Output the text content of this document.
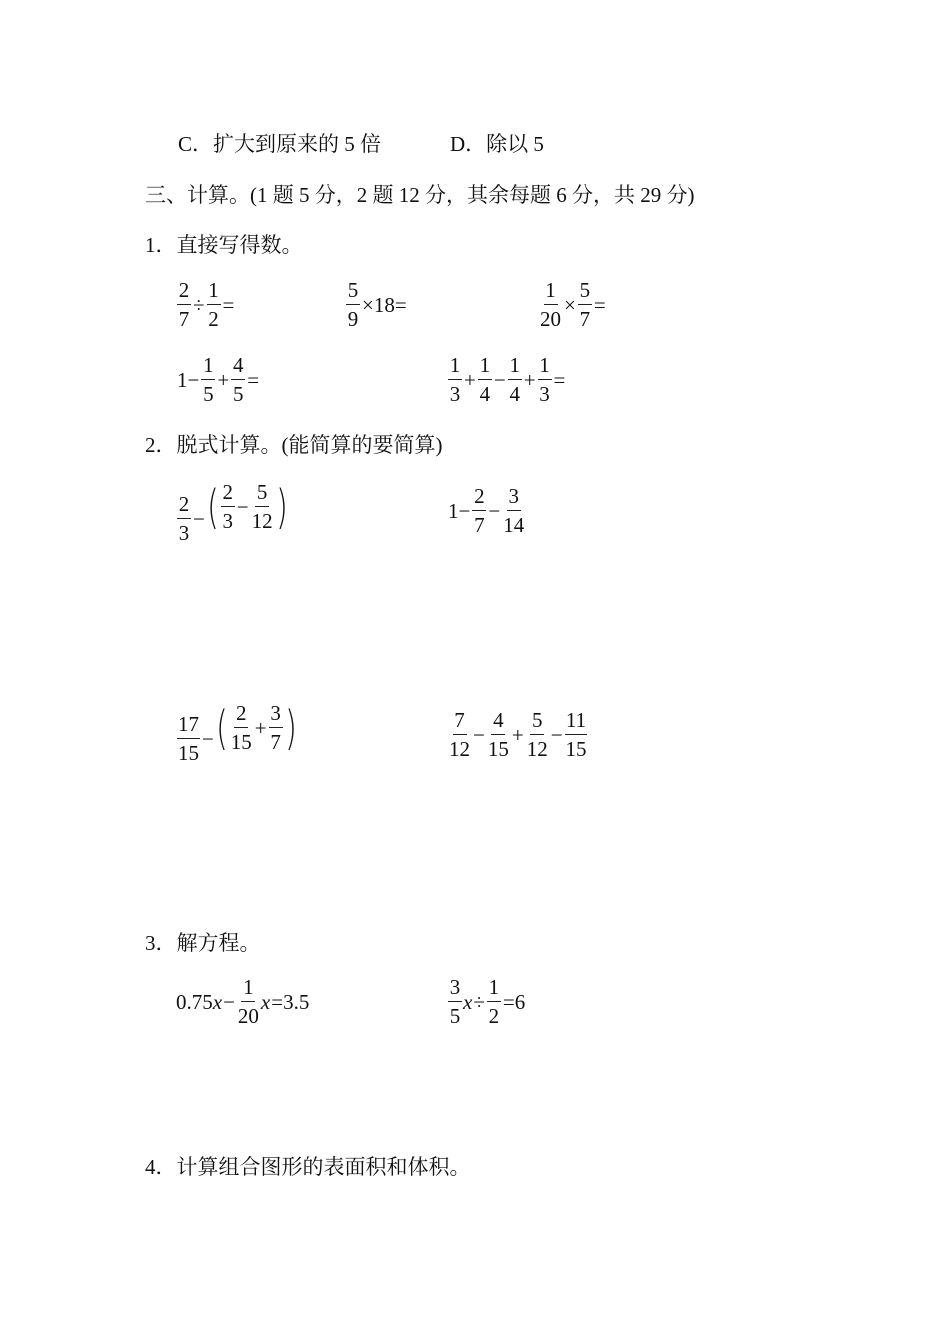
C．扩大到原来的 5 倍	D．除以 5
三、计算。(1 题 5 分，2 题 12 分，其余每题 6 分，共 29 分)
1．直接写得数。
$\frac{2}{7} \div \frac{1}{2}$ =	$\frac{5}{9} \times 18=$	$\frac{1}{20} \times \frac{5}{7}$ =
$1- \frac{1}{5} + \frac{4}{5}$ =	$\frac{1}{3} + \frac{1}{4} - \frac{1}{4} + \frac{1}{3}$ =
2．脱式计算。(能简算的要简算)
$\frac{2}{3}$ − ( $\frac{2}{3} - \frac{5}{12}$ )	$1- \frac{2}{7} - \frac{3}{14}$
$\frac{17}{15}$ − ( $\frac{2}{15} + \frac{3}{7}$ )	$\frac{7}{12} - \frac{4}{15} + \frac{5}{12} - \frac{11}{15}$
3．解方程。
0.75 $x - \frac{1}{20}$ x =3.5	$\frac{3}{5}$ $x \div \frac{1}{2} =6$
4．计算组合图形的表面积和体积。
